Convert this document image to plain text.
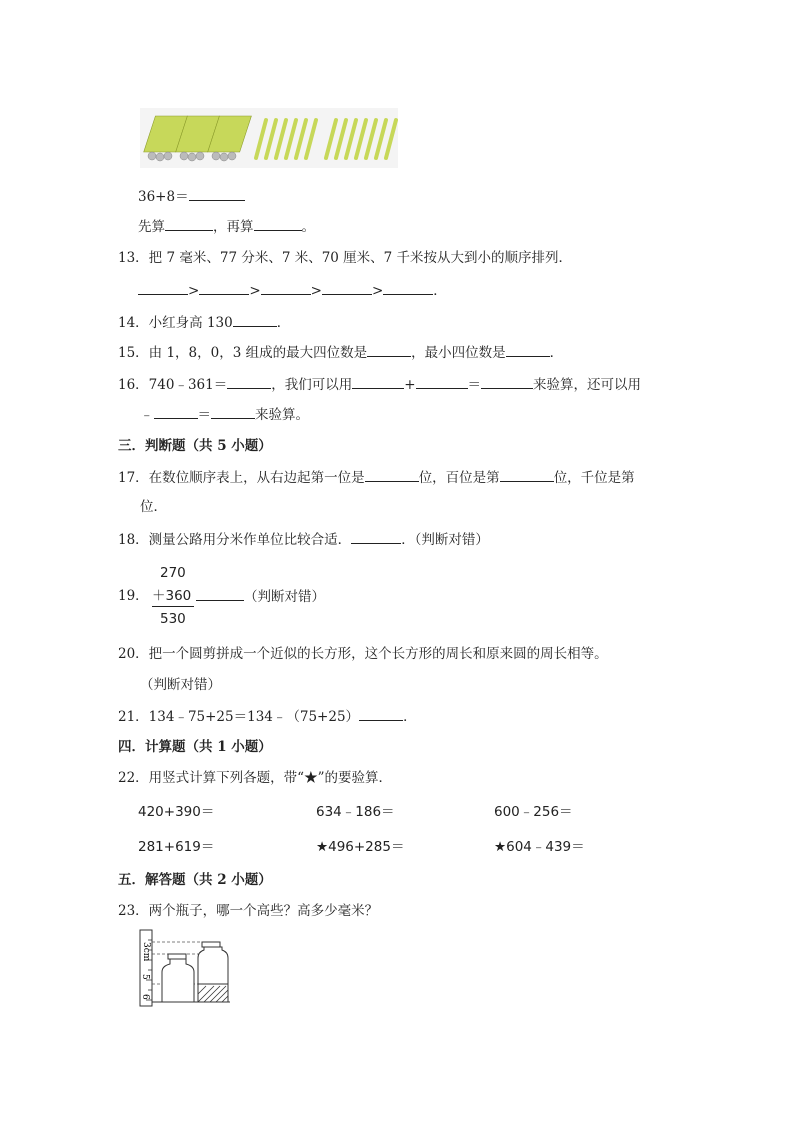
36+8＝
先算	，再算	。
13．把 7 毫米、77 分米、7 米、70 厘米、7 千米按从大到小的顺序排列．
>	>	>	>	．
14．小红身高 130	．
15．由 1，8，0，3 组成的最大四位数是	，最小四位数是	．
16．740﹣361＝	，我们可以用	+	＝	来验算，还可以用
﹣	＝	来验算。
三．判断题（共 5 小题）
17．在数位顺序表上，从右边起第一位是	位，百位是第	位，千位是第
位．
18．测量公路用分米作单位比较合适．	．（判断对错）
270
19． ＋360
530
（判断对错）
20．把一个圆剪拼成一个近似的长方形，这个长方形的周长和原来圆的周长相等。
（判断对错）
21．134﹣75+25＝134﹣（75+25）	．
四．计算题（共 1 小题）
22．用竖式计算下列各题，带“★”的要验算．
420+390＝	634﹣186＝	600﹣256＝
281+619＝	★496+285＝	★604﹣439＝
五．解答题（共 2 小题）
23．两个瓶子，哪一个高些？高多少毫米？
3cm
5
6
